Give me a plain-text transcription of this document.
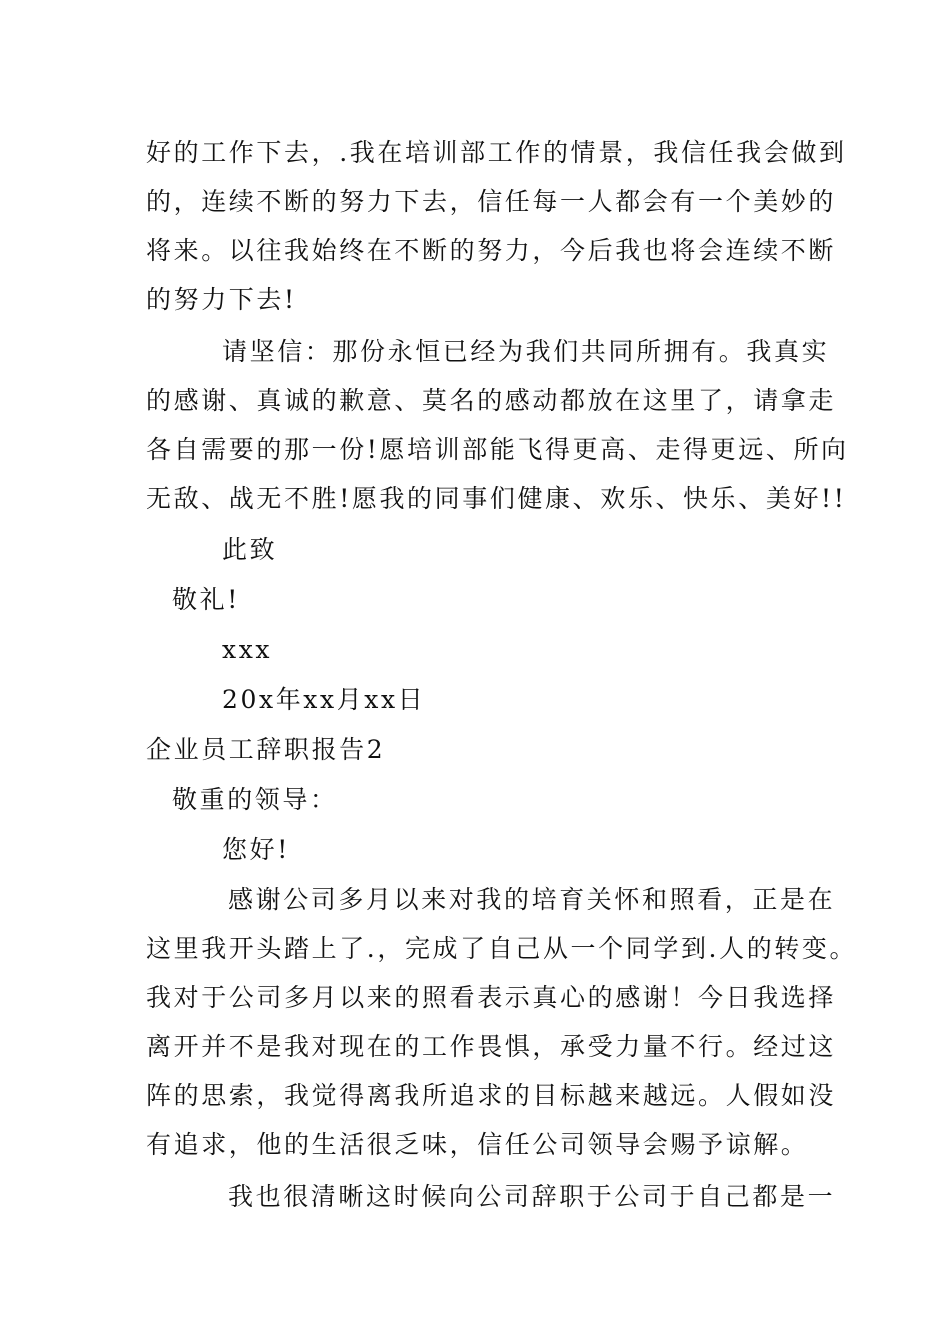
好的工作下去，.我在培训部工作的情景，我信任我会做到
的，连续不断的努力下去，信任每一人都会有一个美妙的
将来。以往我始终在不断的努力，今后我也将会连续不断
的努力下去!
请坚信：那份永恒已经为我们共同所拥有。我真实
的感谢、真诚的歉意、莫名的感动都放在这里了，请拿走
各自需要的那一份!愿培训部能飞得更高、走得更远、所向
无敌、战无不胜!愿我的同事们健康、欢乐、快乐、美好!!
此致
敬礼!
xxx
20x年xx月xx日
企业员工辞职报告2
敬重的领导：
您好!
感谢公司多月以来对我的培育关怀和照看，正是在
这里我开头踏上了.，完成了自己从一个同学到.人的转变。
我对于公司多月以来的照看表示真心的感谢！今日我选择
离开并不是我对现在的工作畏惧，承受力量不行。经过这
阵的思索，我觉得离我所追求的目标越来越远。人假如没
有追求，他的生活很乏味，信任公司领导会赐予谅解。
我也很清晰这时候向公司辞职于公司于自己都是一
